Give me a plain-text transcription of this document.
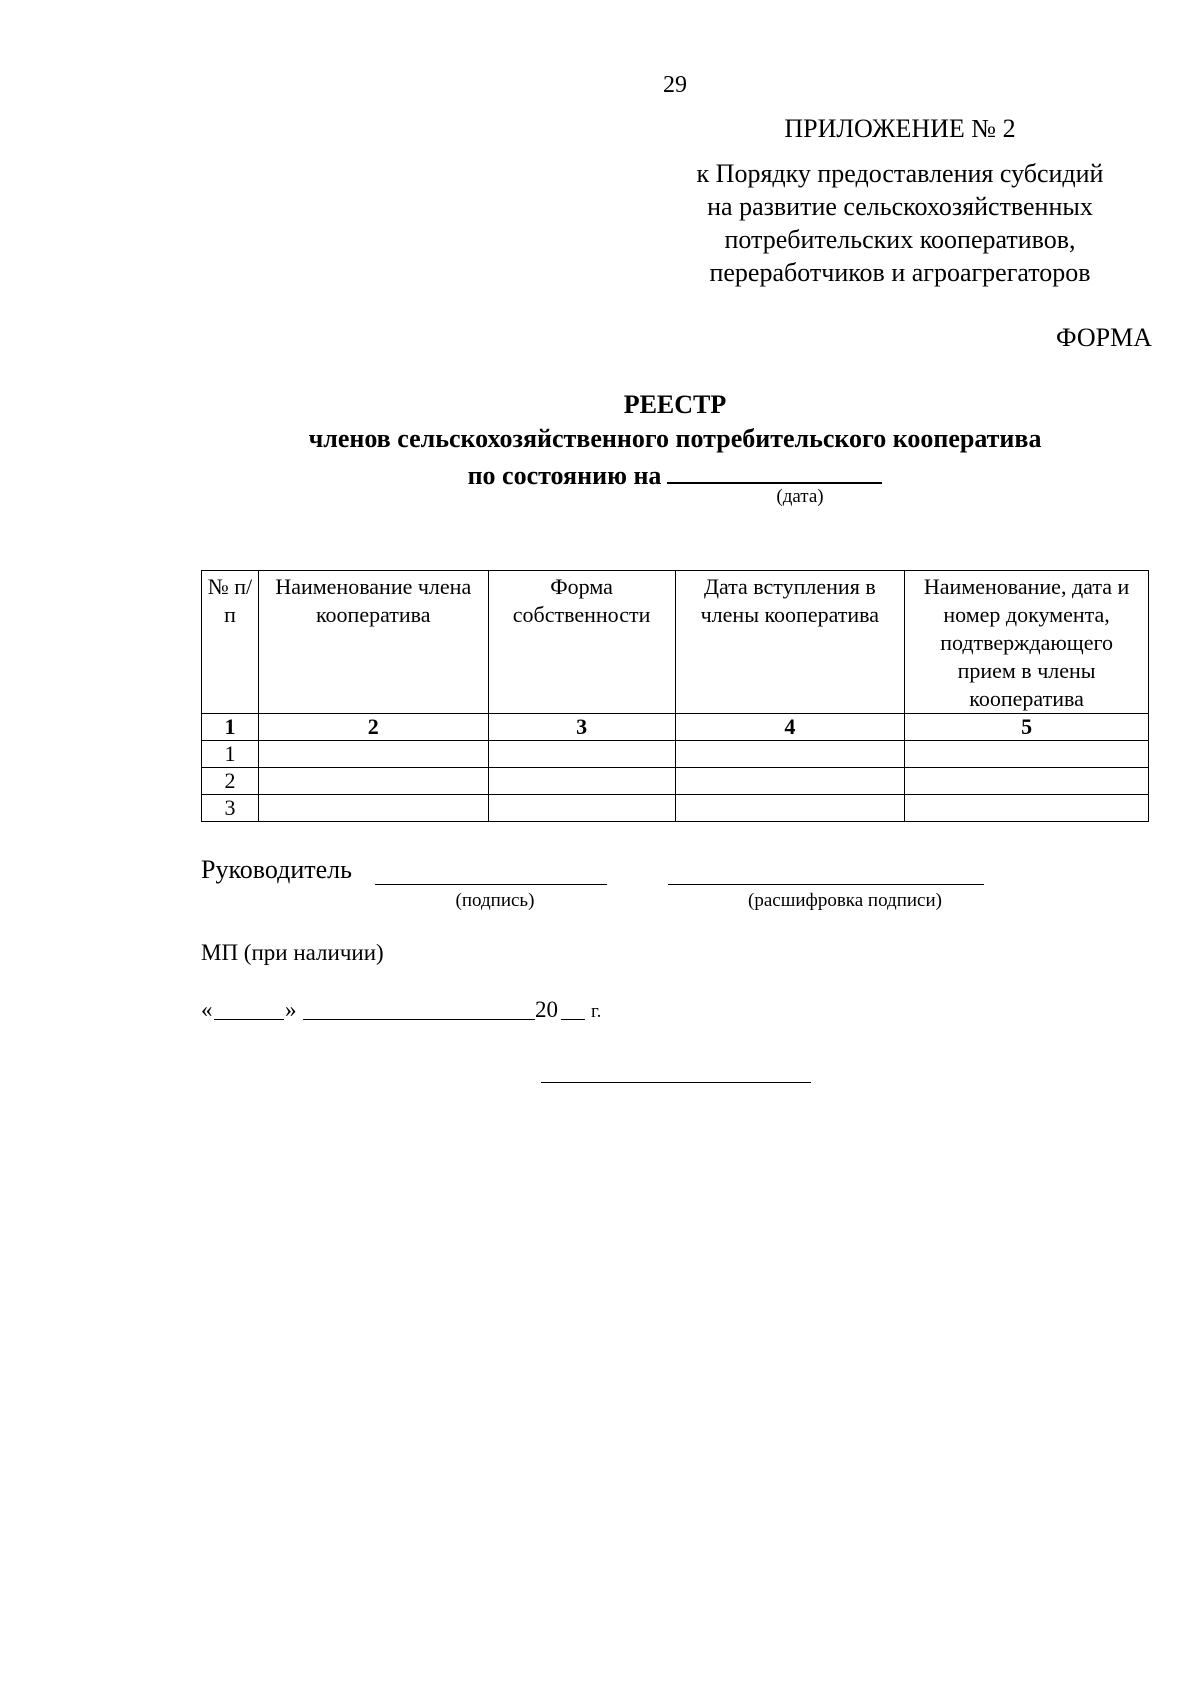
29
ПРИЛОЖЕНИЕ № 2
к Порядку предоставления субсидий
на развитие сельскохозяйственных
потребительских кооперативов,
переработчиков и агроагрегаторов
ФОРМА
РЕЕСТР
членов сельскохозяйственного потребительского кооператива
по состоянию на
(дата)
№ п/п	Наименование члена кооператива	Форма собственности	Дата вступления в члены кооператива	Наименование, дата и номер документа, подтверждающего прием в члены кооператива
1	2	3	4	5
1				
2				
3				
Руководитель
(подпись)	(расшифровка подписи)
МП (при наличии)
«	»	20 г.
